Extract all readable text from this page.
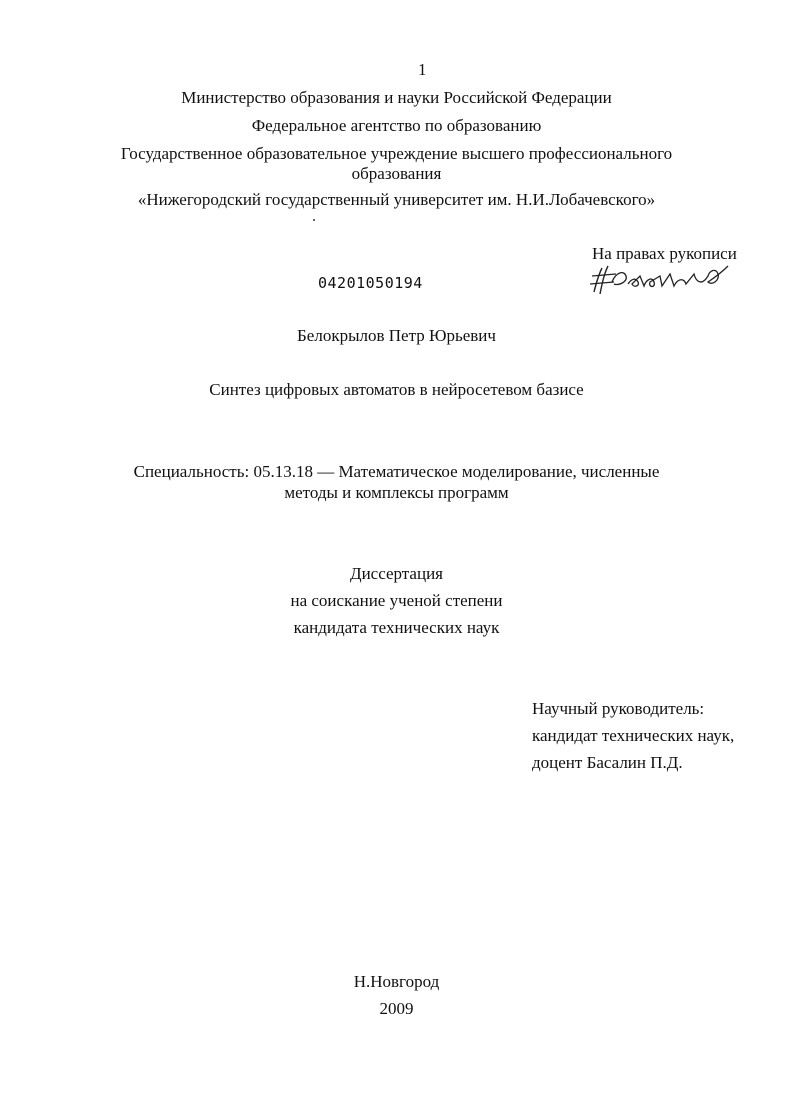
1
Министерство образования и науки Российской Федерации
Федеральное агентство по образованию
Государственное образовательное учреждение высшего профессионального
образования
«Нижегородский государственный университет им. Н.И.Лобачевского»
На правах рукописи
04201050194
Белокрылов Петр Юрьевич
Синтез цифровых автоматов в нейросетевом базисе
Специальность: 05.13.18 — Математическое моделирование, численные
методы и комплексы программ
Диссертация
на соискание ученой степени
кандидата технических наук
Научный руководитель:
кандидат технических наук,
доцент Басалин П.Д.
Н.Новгород
2009
